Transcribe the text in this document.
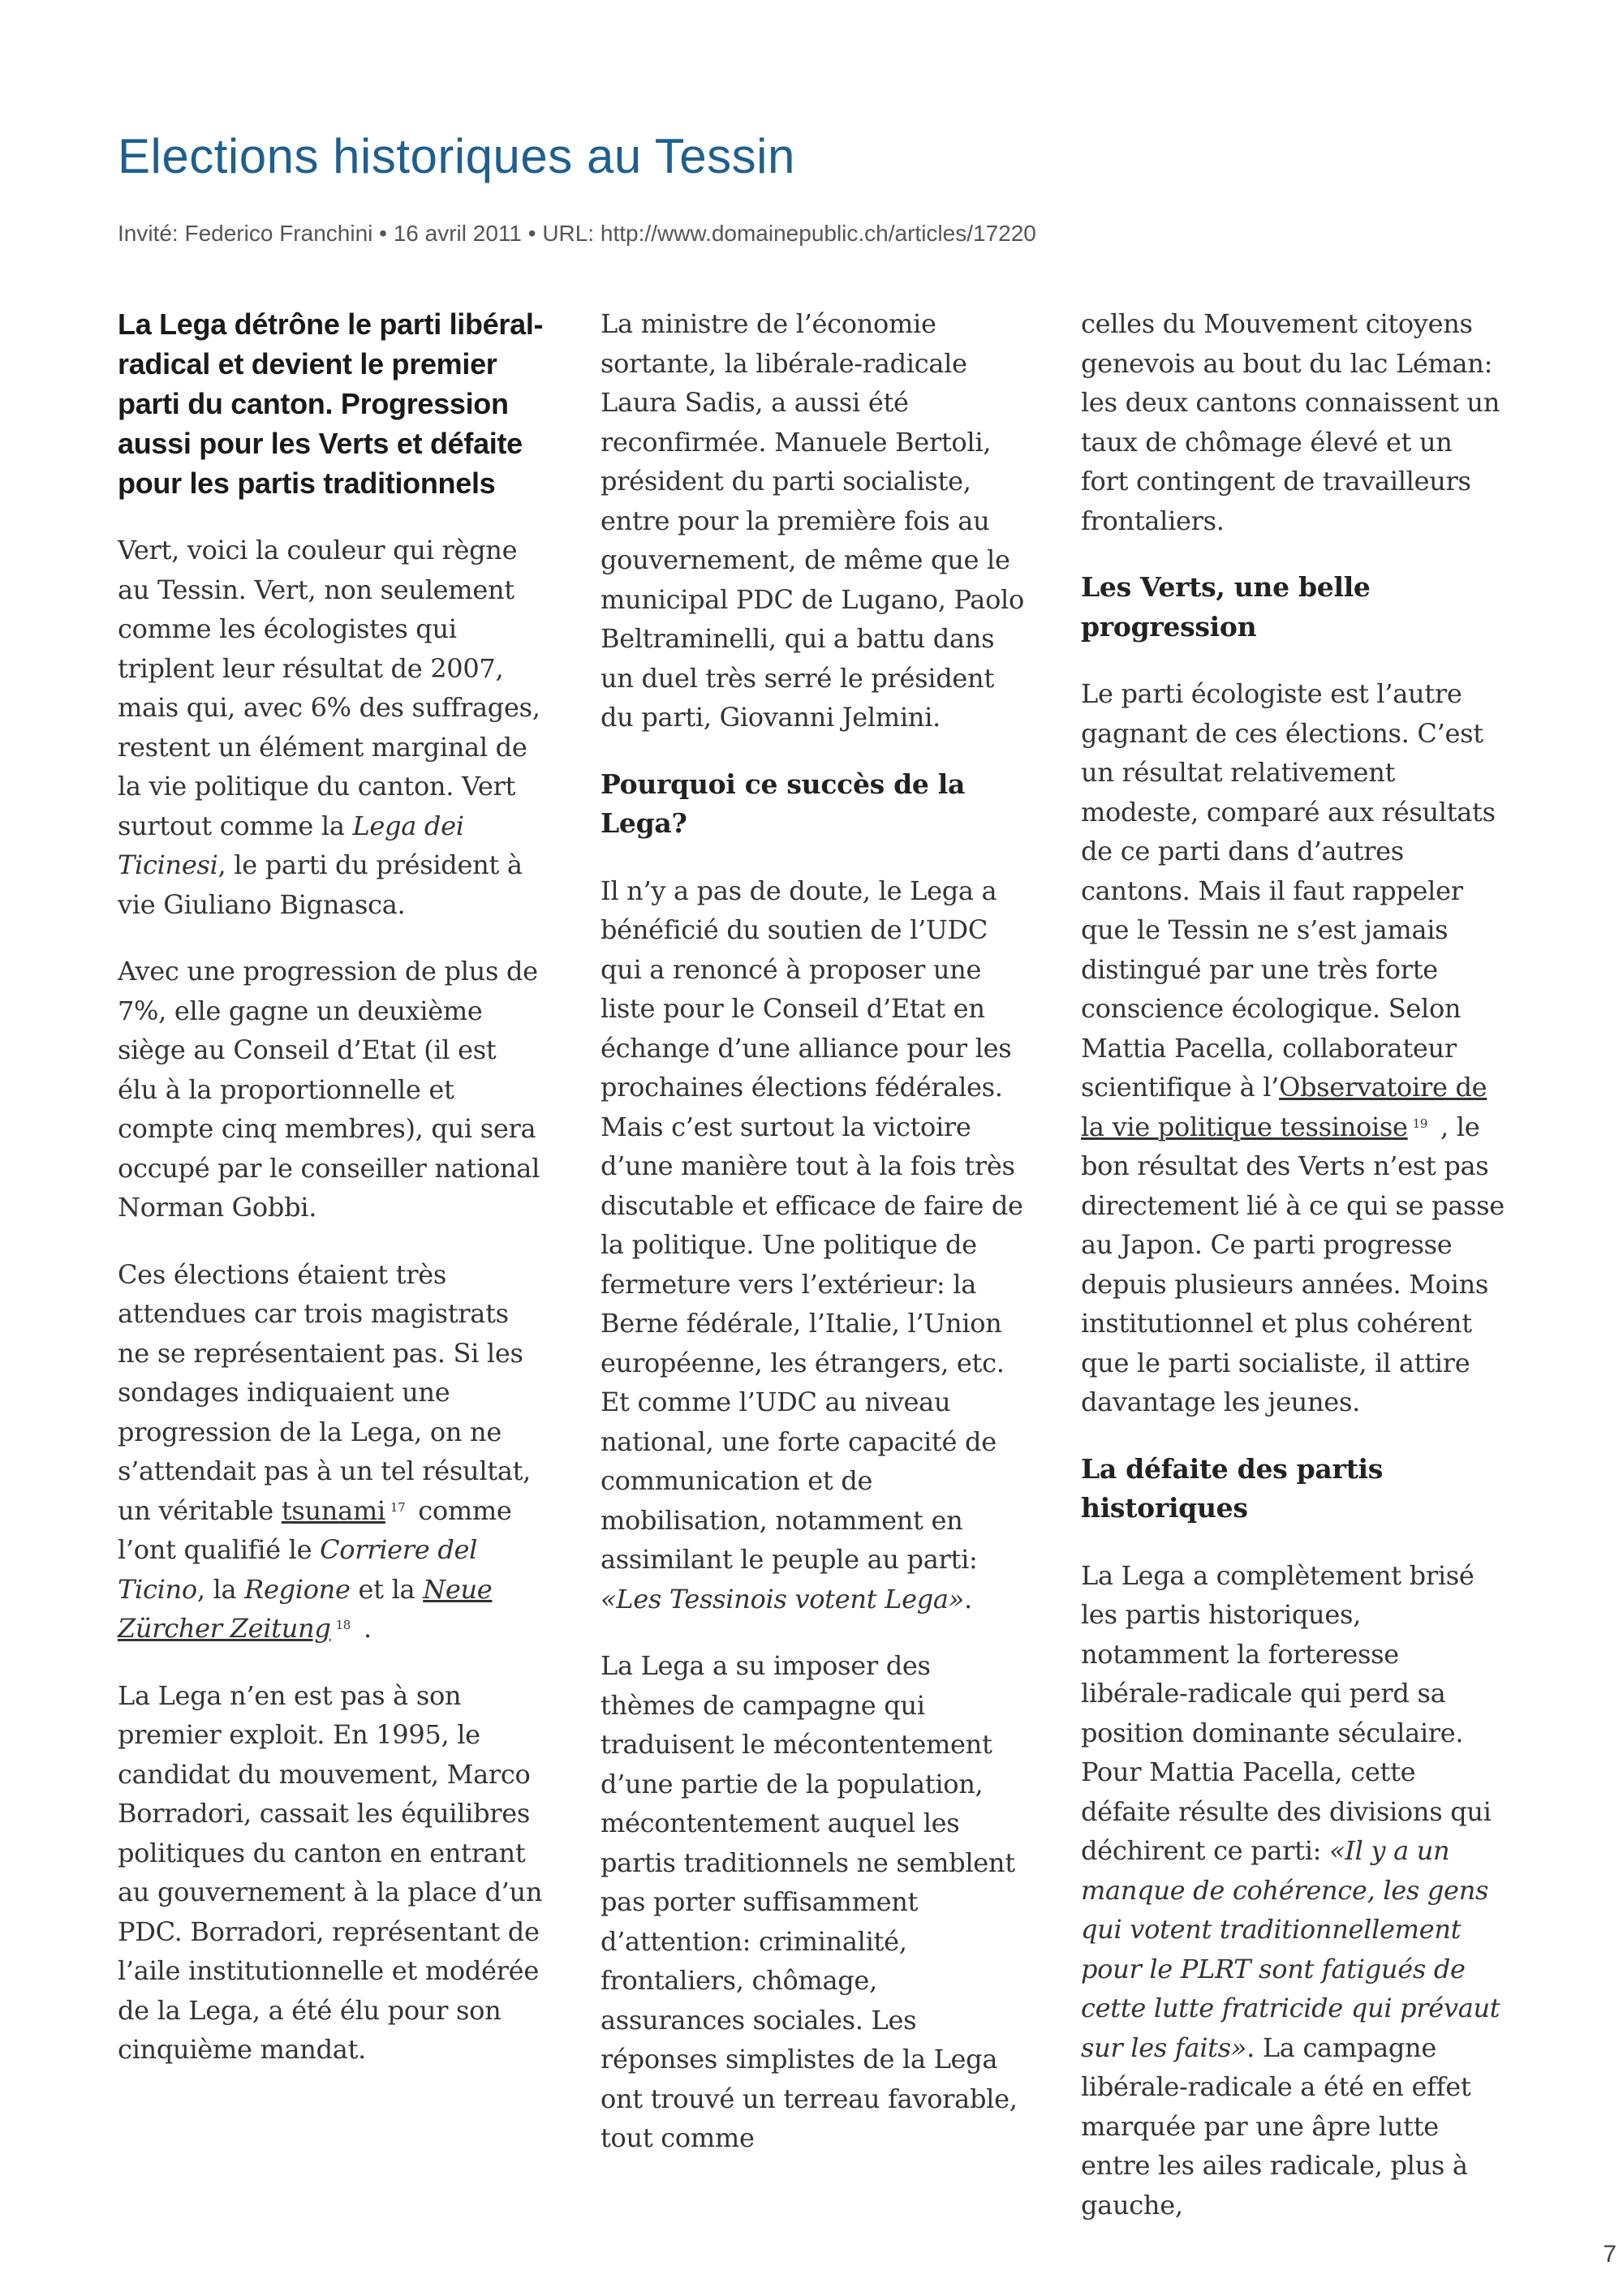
Elections historiques au Tessin
Invité: Federico Franchini • 16 avril 2011 • URL: http://www.domainepublic.ch/articles/17220
La Lega détrône le parti libéral-radical et devient le premier parti du canton. Progression aussi pour les Verts et défaite pour les partis traditionnels

Vert, voici la couleur qui règne au Tessin. Vert, non seulement comme les écologistes qui triplent leur résultat de 2007, mais qui, avec 6% des suffrages, restent un élément marginal de la vie politique du canton. Vert surtout comme la Lega dei Ticinesi, le parti du président à vie Giuliano Bignasca.

Avec une progression de plus de 7%, elle gagne un deuxième siège au Conseil d’Etat (il est élu à la proportionnelle et compte cinq membres), qui sera occupé par le conseiller national Norman Gobbi.

Ces élections étaient très attendues car trois magistrats ne se représentaient pas. Si les sondages indiquaient une progression de la Lega, on ne s’attendait pas à un tel résultat, un véritable tsunami $^{17}$ comme l’ont qualifié le Corriere del Ticino, la Regione et la Neue Zürcher Zeitung $^{18}$ .

La Lega n’en est pas à son premier exploit. En 1995, le candidat du mouvement, Marco Borradori, cassait les équilibres politiques du canton en entrant au gouvernement à la place d’un PDC. Borradori, représentant de l’aile institutionnelle et modérée de la Lega, a été élu pour son cinquième mandat.

La ministre de l’économie sortante, la libérale-radicale Laura Sadis, a aussi été reconfirmée. Manuele Bertoli, président du parti socialiste, entre pour la première fois au gouvernement, de même que le municipal PDC de Lugano, Paolo Beltraminelli, qui a battu dans un duel très serré le président du parti, Giovanni Jelmini.

Pourquoi ce succès de la Lega?

Il n’y a pas de doute, le Lega a bénéficié du soutien de l’UDC qui a renoncé à proposer une liste pour le Conseil d’Etat en échange d’une alliance pour les prochaines élections fédérales. Mais c’est surtout la victoire d’une manière tout à la fois très discutable et efficace de faire de la politique. Une politique de fermeture vers l’extérieur: la Berne fédérale, l’Italie, l’Union européenne, les étrangers, etc. Et comme l’UDC au niveau national, une forte capacité de communication et de mobilisation, notamment en assimilant le peuple au parti: «Les Tessinois votent Lega».

La Lega a su imposer des thèmes de campagne qui traduisent le mécontentement d’une partie de la population, mécontentement auquel les partis traditionnels ne semblent pas porter suffisamment d’attention: criminalité, frontaliers, chômage, assurances sociales. Les réponses simplistes de la Lega ont trouvé un terreau favorable, tout comme

celles du Mouvement citoyens genevois au bout du lac Léman: les deux cantons connaissent un taux de chômage élevé et un fort contingent de travailleurs frontaliers.

Les Verts, une belle progression

Le parti écologiste est l’autre gagnant de ces élections. C’est un résultat relativement modeste, comparé aux résultats de ce parti dans d’autres cantons. Mais il faut rappeler que le Tessin ne s’est jamais distingué par une très forte conscience écologique. Selon Mattia Pacella, collaborateur scientifique à l’Observatoire de la vie politique tessinoise $^{19}$ , le bon résultat des Verts n’est pas directement lié à ce qui se passe au Japon. Ce parti progresse depuis plusieurs années. Moins institutionnel et plus cohérent que le parti socialiste, il attire davantage les jeunes.

La défaite des partis historiques

La Lega a complètement brisé les partis historiques, notamment la forteresse libérale-radicale qui perd sa position dominante séculaire. Pour Mattia Pacella, cette défaite résulte des divisions qui déchirent ce parti: «Il y a un manque de cohérence, les gens qui votent traditionnellement pour le PLRT sont fatigués de cette lutte fratricide qui prévaut sur les faits». La campagne libérale-radicale a été en effet marquée par une âpre lutte entre les ailes radicale, plus à gauche,

7
